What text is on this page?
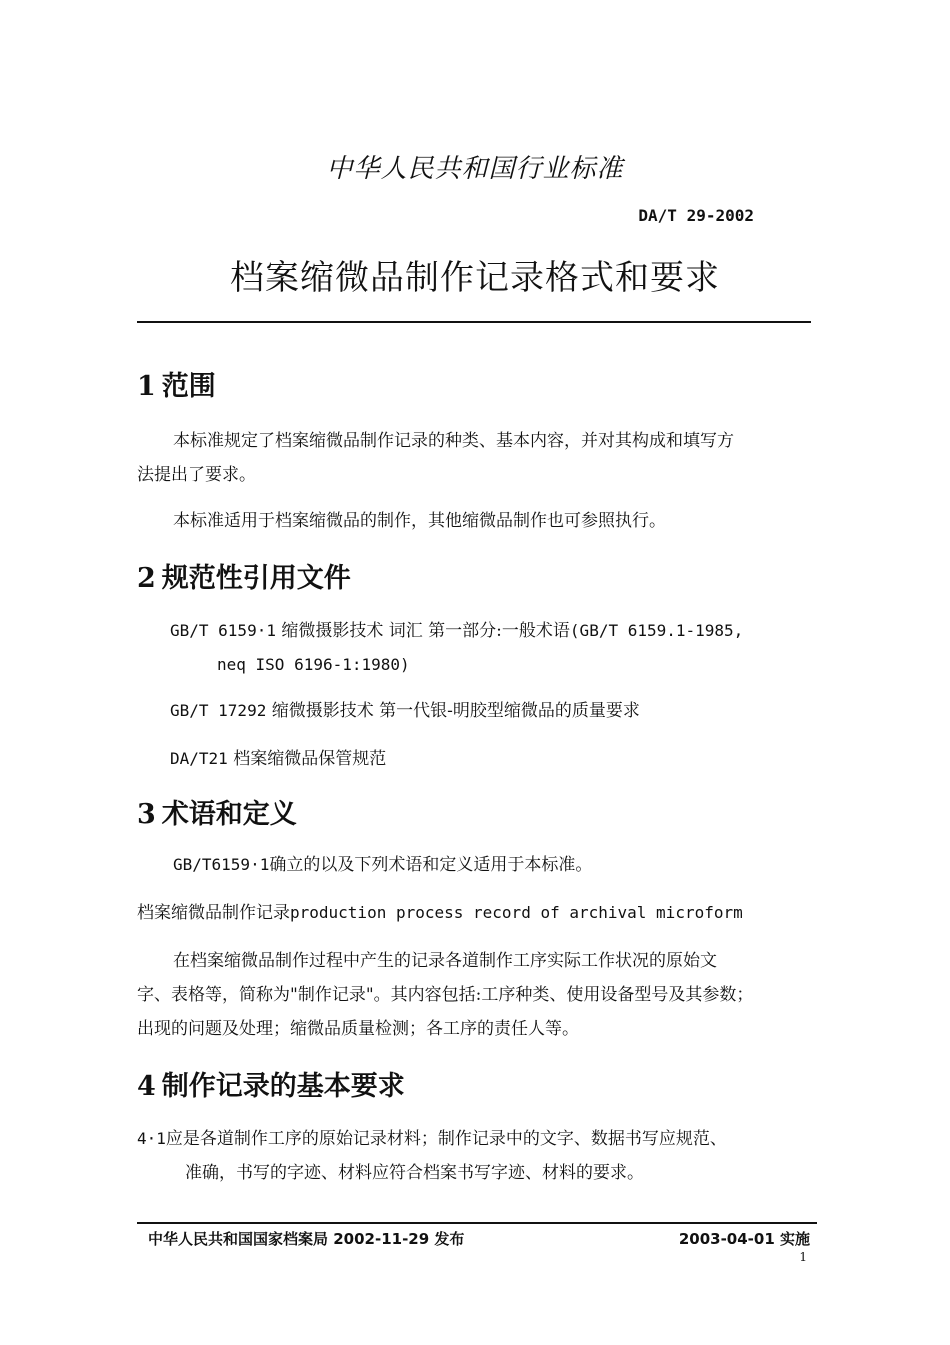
中华人民共和国行业标准
DA/T 29-2002
档案缩微品制作记录格式和要求
1 范围
本标准规定了档案缩微品制作记录的种类、基本内容，并对其构成和填写方
法提出了要求。
本标准适用于档案缩微品的制作，其他缩微品制作也可参照执行。
2 规范性引用文件
GB/T 6159·1 缩微摄影技术 词汇 第一部分:一般术语(GB/T 6159.1-1985,
neq ISO 6196-1:1980)
GB/T 17292 缩微摄影技术 第一代银-明胶型缩微品的质量要求
DA/T21 档案缩微品保管规范
3 术语和定义
GB/T6159·1确立的以及下列术语和定义适用于本标准。
档案缩微品制作记录production process record of archival microform
在档案缩微品制作过程中产生的记录各道制作工序实际工作状况的原始文
字、表格等，简称为"制作记录"。其内容包括:工序种类、使用设备型号及其参数；
出现的问题及处理；缩微品质量检测；各工序的责任人等。
4 制作记录的基本要求
4·1应是各道制作工序的原始记录材料；制作记录中的文字、数据书写应规范、
准确，书写的字迹、材料应符合档案书写字迹、材料的要求。
中华人民共和国国家档案局 2002-11-29 发布	2003-04-01 实施
1
